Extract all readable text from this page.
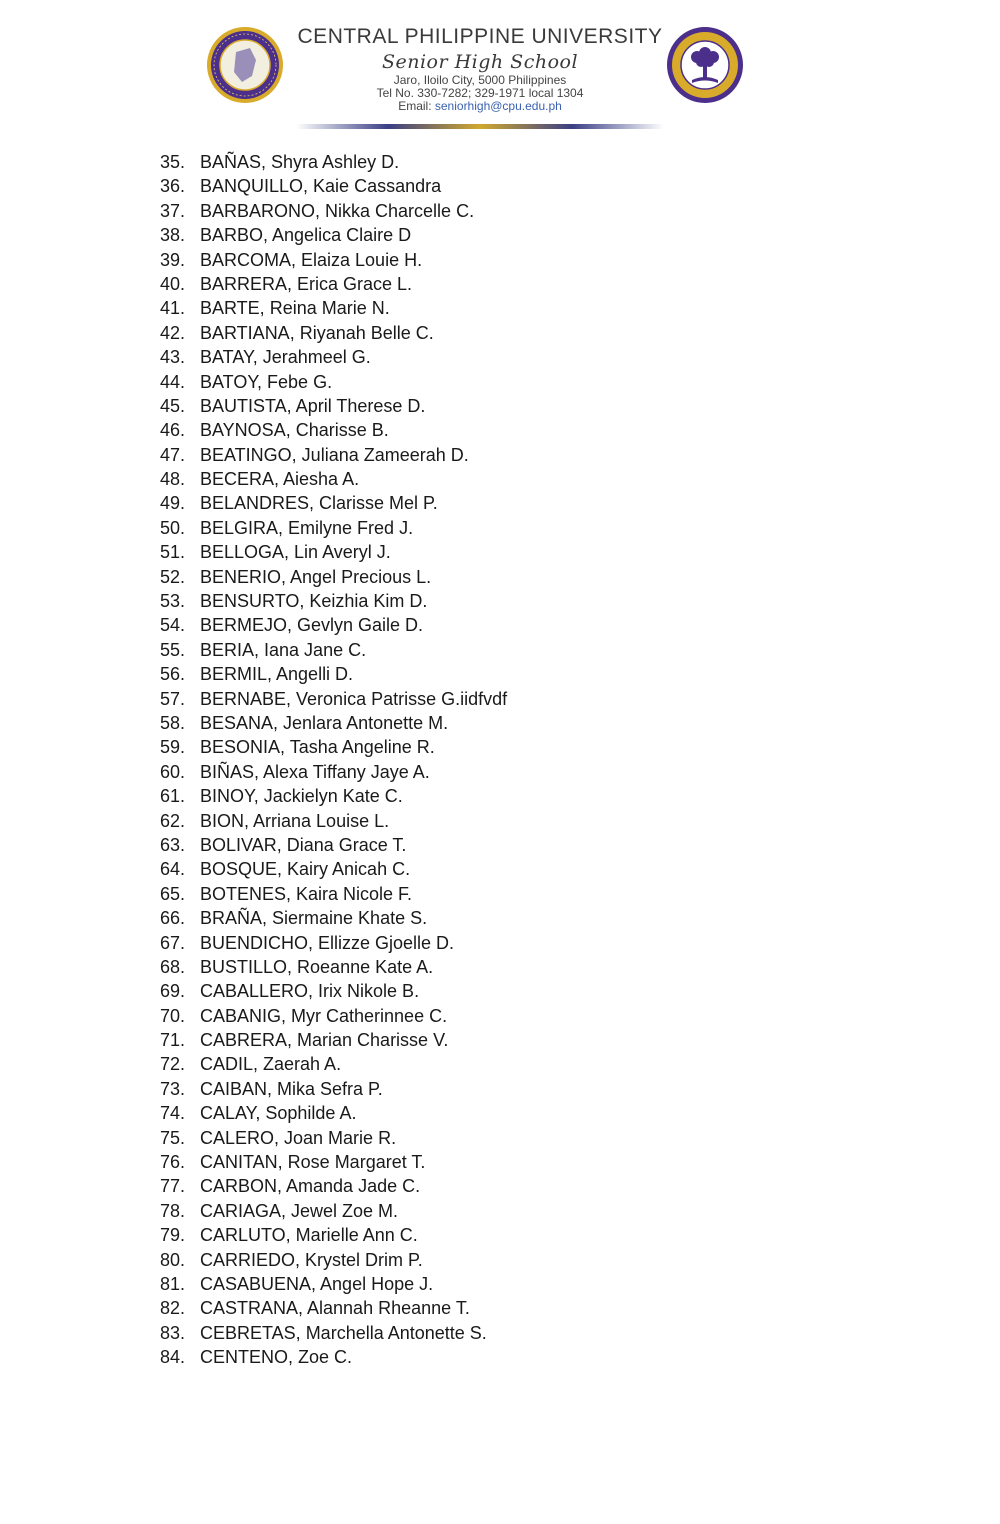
CENTRAL PHILIPPINE UNIVERSITY
Senior High School
Jaro, Iloilo City, 5000 Philippines
Tel No. 330-7282; 329-1971 local 1304
Email: seniorhigh@cpu.edu.ph
35. BAÑAS, Shyra Ashley D.
36. BANQUILLO, Kaie Cassandra
37. BARBARONO, Nikka Charcelle C.
38. BARBO, Angelica Claire D
39. BARCOMA, Elaiza Louie H.
40. BARRERA, Erica Grace L.
41. BARTE, Reina Marie N.
42. BARTIANA, Riyanah Belle C.
43. BATAY, Jerahmeel G.
44. BATOY, Febe G.
45. BAUTISTA, April Therese D.
46. BAYNOSA, Charisse B.
47. BEATINGO, Juliana Zameerah D.
48. BECERA, Aiesha A.
49. BELANDRES, Clarisse Mel P.
50. BELGIRA, Emilyne Fred J.
51. BELLOGA, Lin Averyl J.
52. BENERIO, Angel Precious L.
53. BENSURTO, Keizhia Kim D.
54. BERMEJO, Gevlyn Gaile D.
55. BERIA, Iana Jane C.
56. BERMIL, Angelli D.
57. BERNABE, Veronica Patrisse G.iidfvdf
58. BESANA, Jenlara Antonette M.
59. BESONIA, Tasha Angeline R.
60. BIÑAS, Alexa Tiffany Jaye A.
61. BINOY, Jackielyn Kate C.
62. BION, Arriana Louise L.
63. BOLIVAR, Diana Grace T.
64. BOSQUE, Kairy Anicah C.
65. BOTENES, Kaira Nicole F.
66. BRAÑA, Siermaine Khate S.
67. BUENDICHO, Ellizze Gjoelle D.
68. BUSTILLO, Roeanne Kate A.
69. CABALLERO, Irix Nikole B.
70. CABANIG, Myr Catherinnee C.
71. CABRERA, Marian Charisse V.
72. CADIL, Zaerah A.
73. CAIBAN, Mika Sefra P.
74. CALAY, Sophilde A.
75. CALERO, Joan Marie R.
76. CANITAN, Rose Margaret T.
77. CARBON, Amanda Jade C.
78. CARIAGA, Jewel Zoe M.
79. CARLUTO, Marielle Ann C.
80. CARRIEDO, Krystel Drim P.
81. CASABUENA, Angel Hope J.
82. CASTRANA, Alannah Rheanne T.
83. CEBRETAS, Marchella Antonette S.
84. CENTENO, Zoe C.
